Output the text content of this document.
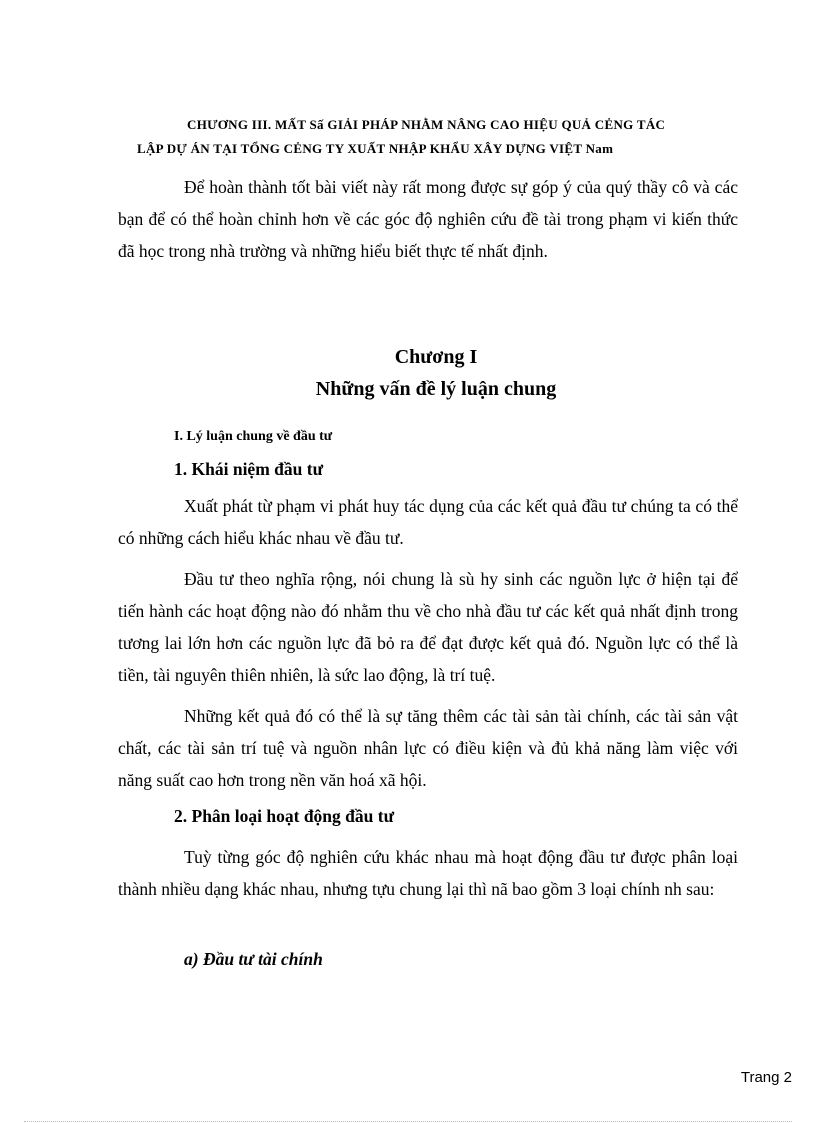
CHƯƠNG III. MẤT Sấ GIẢI PHÁP NHẰM NÂNG CAO HIỆU QUẢ CẺNG TÁC
LẬP DỰ ÁN TẠI TỔNG CẺNG TY XUẤT NHẬP KHẨU XÂY DỰNG VIỆT Nam

Để hoàn thành tốt bài viết này rất mong được sự góp ý của quý thầy cô và các bạn để có thể hoàn chỉnh hơn về các góc độ nghiên cứu đề tài trong phạm vi kiến thức đã học trong nhà trường và những hiểu biết thực tế nhất định.

Chương I
Những vấn đề lý luận chung
I. Lý luận chung về đầu tư
1. Khái niệm đầu tư

Xuất phát từ phạm vi phát huy tác dụng của các kết quả đầu tư chúng ta có thể có những cách hiểu khác nhau về đầu tư.

Đầu tư theo nghĩa rộng, nói chung là sù hy sinh các nguồn lực ở hiện tại để tiến hành các hoạt động nào đó nhằm thu về cho nhà đầu tư các kết quả nhất định trong tương lai lớn hơn các nguồn lực đã bỏ ra để đạt được kết quả đó. Nguồn lực có thể là tiền, tài nguyên thiên nhiên, là sức lao động, là trí tuệ.

Những kết quả đó có thể là sự tăng thêm các tài sản tài chính, các tài sản vật chất, các tài sản trí tuệ và nguồn nhân lực có điều kiện và đủ khả năng làm việc với năng suất cao hơn trong nền văn hoá xã hội.

2. Phân loại hoạt động đầu tư

Tuỳ từng góc độ nghiên cứu khác nhau mà hoạt động đầu tư được phân loại thành nhiều dạng khác nhau, nhưng tựu chung lại thì nã bao gồm 3 loại chính nh sau:

a) Đầu tư tài chính
Trang 2
